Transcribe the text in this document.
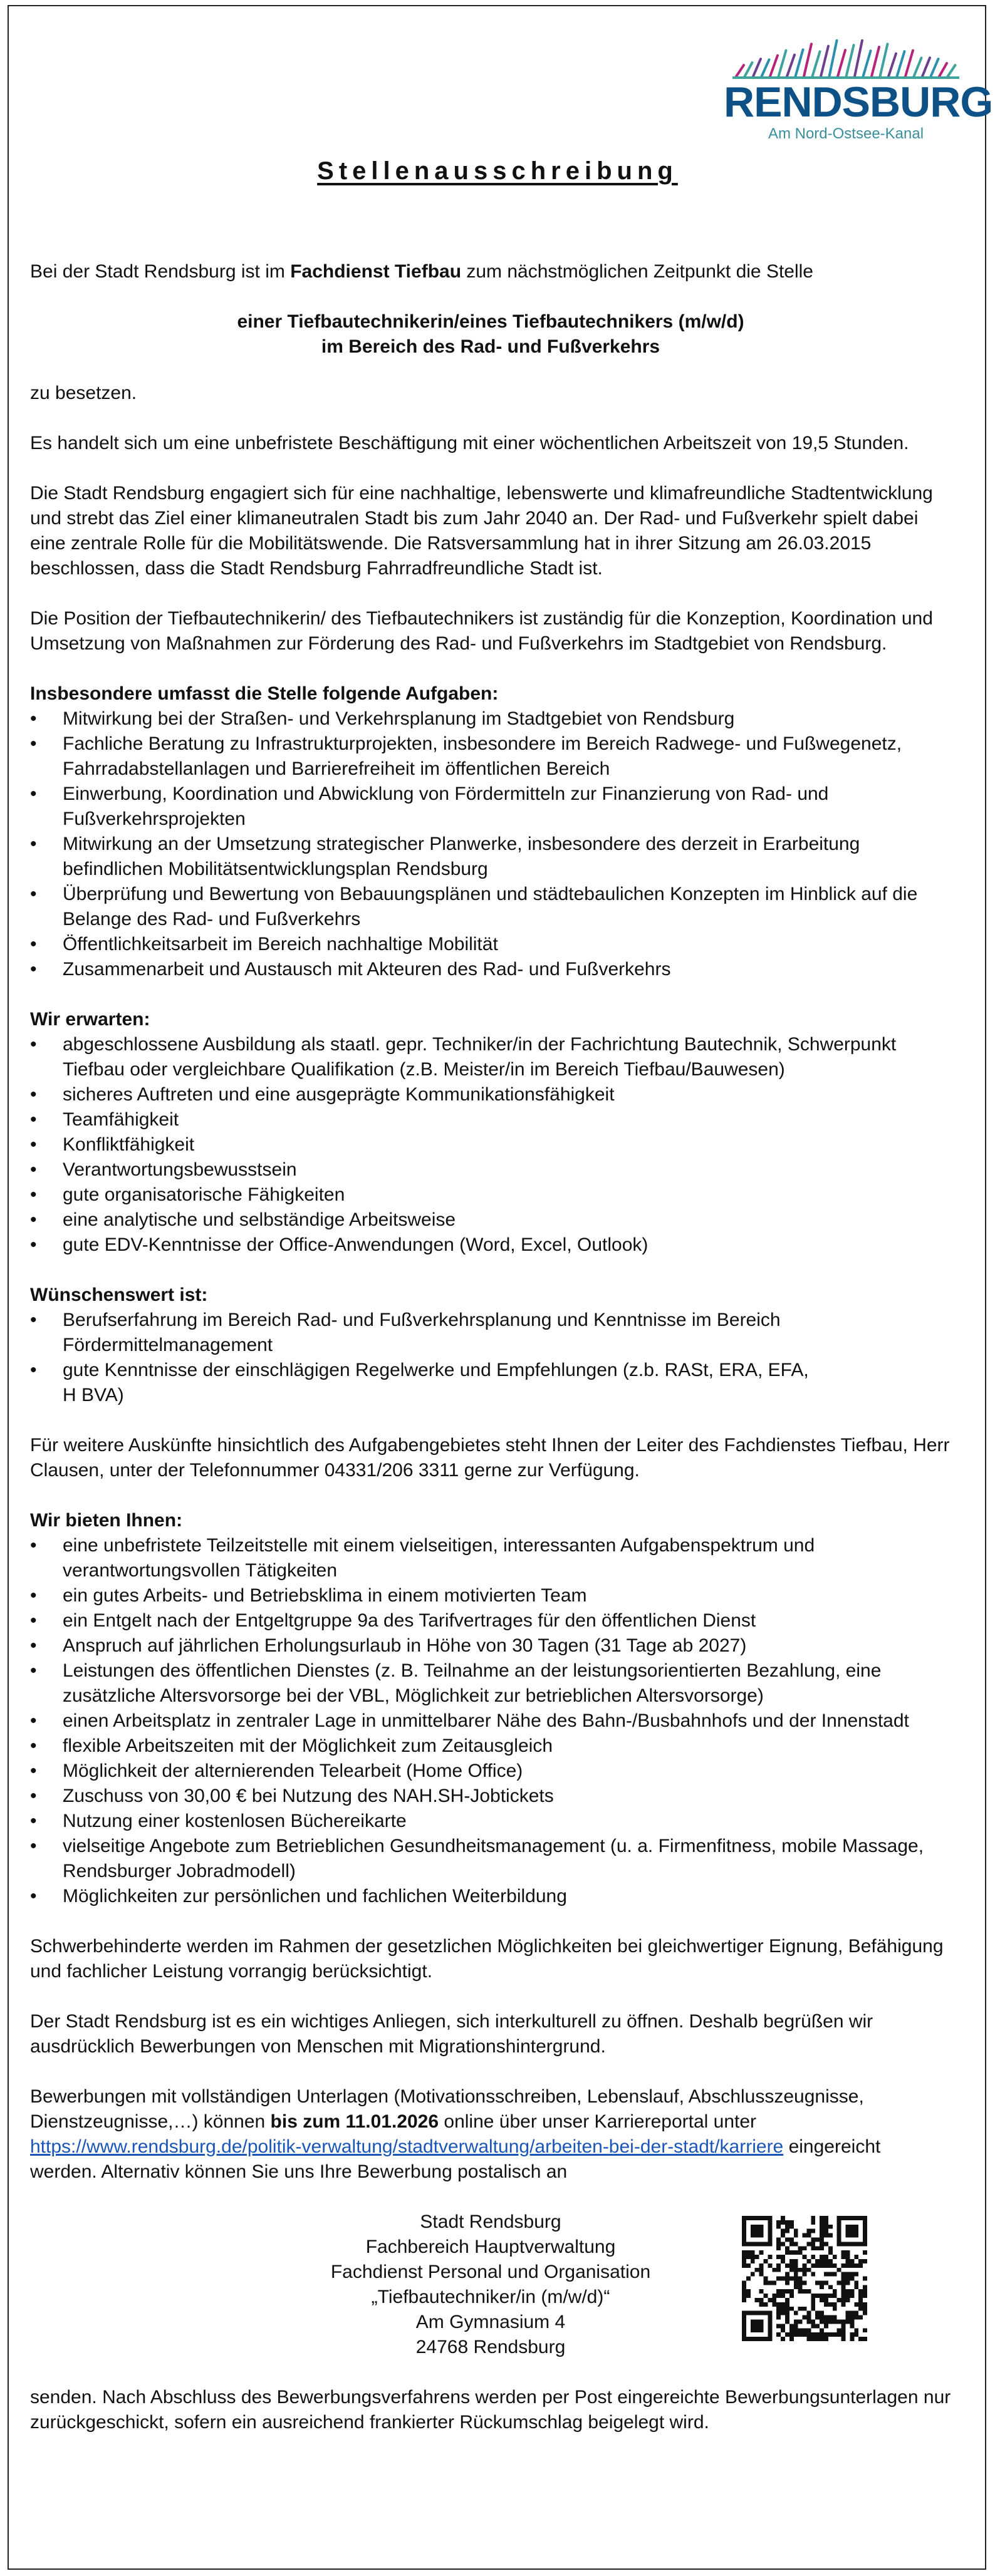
RENDSBURG
Am Nord-Ostsee-Kanal
Stellenausschreibung

Bei der Stadt Rendsburg ist im Fachdienst Tiefbau zum nächstmöglichen Zeitpunkt die Stelle

einer Tiefbautechnikerin/eines Tiefbautechnikers (m/w/d)

im Bereich des Rad- und Fußverkehrs

zu besetzen.

Es handelt sich um eine unbefristete Beschäftigung mit einer wöchentlichen Arbeitszeit von 19,5 Stunden.

Die Stadt Rendsburg engagiert sich für eine nachhaltige, lebenswerte und klimafreundliche Stadtentwicklung und strebt das Ziel einer klimaneutralen Stadt bis zum Jahr 2040 an. Der Rad- und Fußverkehr spielt dabei eine zentrale Rolle für die Mobilitätswende. Die Ratsversammlung hat in ihrer Sitzung am 26.03.2015 beschlossen, dass die Stadt Rendsburg Fahrradfreundliche Stadt ist.

Die Position der Tiefbautechnikerin/ des Tiefbautechnikers ist zuständig für die Konzeption, Koordination und Umsetzung von Maßnahmen zur Förderung des Rad- und Fußverkehrs im Stadtgebiet von Rendsburg.

Insbesondere umfasst die Stelle folgende Aufgaben:

• Mitwirkung bei der Straßen- und Verkehrsplanung im Stadtgebiet von Rendsburg
• Fachliche Beratung zu Infrastrukturprojekten, insbesondere im Bereich Radwege- und Fußwegenetz, Fahrradabstellanlagen und Barrierefreiheit im öffentlichen Bereich
• Einwerbung, Koordination und Abwicklung von Fördermitteln zur Finanzierung von Rad- und Fußverkehrsprojekten
• Mitwirkung an der Umsetzung strategischer Planwerke, insbesondere des derzeit in Erarbeitung befindlichen Mobilitätsentwicklungsplan Rendsburg
• Überprüfung und Bewertung von Bebauungsplänen und städtebaulichen Konzepten im Hinblick auf die Belange des Rad- und Fußverkehrs
• Öffentlichkeitsarbeit im Bereich nachhaltige Mobilität
• Zusammenarbeit und Austausch mit Akteuren des Rad- und Fußverkehrs

Wir erwarten:

• abgeschlossene Ausbildung als staatl. gepr. Techniker/in der Fachrichtung Bautechnik, Schwerpunkt Tiefbau oder vergleichbare Qualifikation (z.B. Meister/in im Bereich Tiefbau/Bauwesen)
• sicheres Auftreten und eine ausgeprägte Kommunikationsfähigkeit
• Teamfähigkeit
• Konfliktfähigkeit
• Verantwortungsbewusstsein
• gute organisatorische Fähigkeiten
• eine analytische und selbständige Arbeitsweise
• gute EDV-Kenntnisse der Office-Anwendungen (Word, Excel, Outlook)

Wünschenswert ist:

• Berufserfahrung im Bereich Rad- und Fußverkehrsplanung und Kenntnisse im Bereich Fördermittelmanagement
• gute Kenntnisse der einschlägigen Regelwerke und Empfehlungen (z.b. RASt, ERA, EFA,
H BVA)

Für weitere Auskünfte hinsichtlich des Aufgabengebietes steht Ihnen der Leiter des Fachdienstes Tiefbau, Herr Clausen, unter der Telefonnummer 04331/206 3311 gerne zur Verfügung.

Wir bieten Ihnen:

• eine unbefristete Teilzeitstelle mit einem vielseitigen, interessanten Aufgabenspektrum und verantwortungsvollen Tätigkeiten
• ein gutes Arbeits- und Betriebsklima in einem motivierten Team
• ein Entgelt nach der Entgeltgruppe 9a des Tarifvertrages für den öffentlichen Dienst
• Anspruch auf jährlichen Erholungsurlaub in Höhe von 30 Tagen (31 Tage ab 2027)
• Leistungen des öffentlichen Dienstes (z. B. Teilnahme an der leistungsorientierten Bezahlung, eine zusätzliche Altersvorsorge bei der VBL, Möglichkeit zur betrieblichen Altersvorsorge)
• einen Arbeitsplatz in zentraler Lage in unmittelbarer Nähe des Bahn-/Busbahnhofs und der Innenstadt
• flexible Arbeitszeiten mit der Möglichkeit zum Zeitausgleich
• Möglichkeit der alternierenden Telearbeit (Home Office)
• Zuschuss von 30,00 € bei Nutzung des NAH.SH-Jobtickets
• Nutzung einer kostenlosen Büchereikarte
• vielseitige Angebote zum Betrieblichen Gesundheitsmanagement (u. a. Firmenfitness, mobile Massage, Rendsburger Jobradmodell)
• Möglichkeiten zur persönlichen und fachlichen Weiterbildung

Schwerbehinderte werden im Rahmen der gesetzlichen Möglichkeiten bei gleichwertiger Eignung, Befähigung und fachlicher Leistung vorrangig berücksichtigt.

Der Stadt Rendsburg ist es ein wichtiges Anliegen, sich interkulturell zu öffnen. Deshalb begrüßen wir ausdrücklich Bewerbungen von Menschen mit Migrationshintergrund.

Bewerbungen mit vollständigen Unterlagen (Motivationsschreiben, Lebenslauf, Abschlusszeugnisse, Dienstzeugnisse,…) können bis zum 11.01.2026 online über unser Karriereportal unter https://www.rendsburg.de/politik-verwaltung/stadtverwaltung/arbeiten-bei-der-stadt/karriere eingereicht werden. Alternativ können Sie uns Ihre Bewerbung postalisch an

Stadt Rendsburg

Fachbereich Hauptverwaltung

Fachdienst Personal und Organisation

„Tiefbautechniker/in (m/w/d)“

Am Gymnasium 4

24768 Rendsburg

senden. Nach Abschluss des Bewerbungsverfahrens werden per Post eingereichte Bewerbungsunterlagen nur zurückgeschickt, sofern ein ausreichend frankierter Rückumschlag beigelegt wird.
